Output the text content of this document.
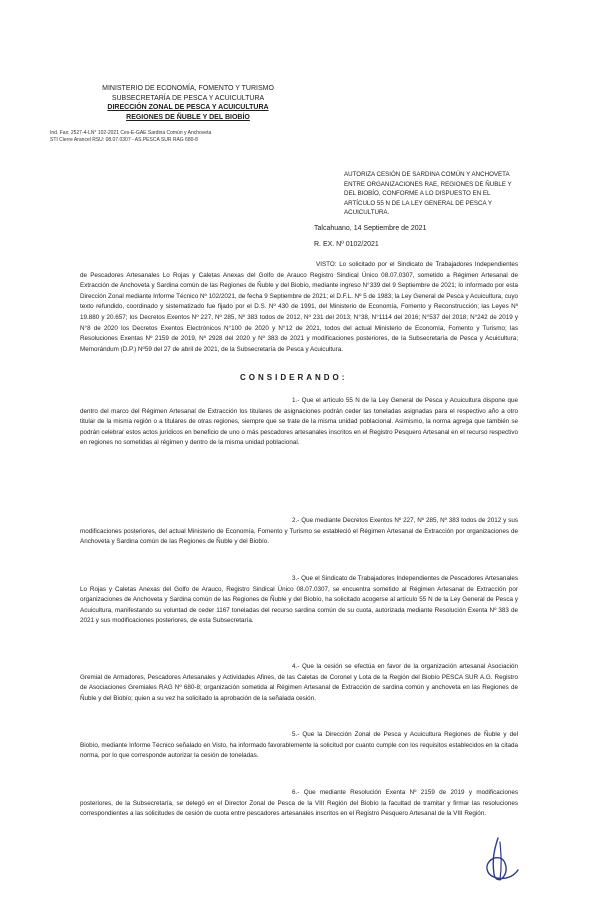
MINISTERIO DE ECONOMÍA, FOMENTO Y TURISMO
SUBSECRETARÍA DE PESCA Y ACUICULTURA
DIRECCIÓN ZONAL DE PESCA Y ACUICULTURA
REGIONES DE ÑUBLE Y DEL BIOBÍO
Ind. Fax: 2527-4-LN° 102-2021 Ces-E-GAE Sardina Común y Anchoveta
STI Cierre Arancel RSU: 08.07.0307 - AS.PESCA SUR RAG 680-8
AUTORIZA CESIÓN DE SARDINA COMÚN Y ANCHOVETA ENTRE ORGANIZACIONES RAE, REGIONES DE ÑUBLE Y DEL BIOBÍO, CONFORME A LO DISPUESTO EN EL ARTÍCULO 55 N DE LA LEY GENERAL DE PESCA Y ACUICULTURA.
Talcahuano, 14 Septiembre de 2021
R. EX. Nº 0102/2021
VISTO: Lo solicitado por el Sindicato de Trabajadores Independientes de Pescadores Artesanales Lo Rojas y Caletas Anexas del Golfo de Arauco Registro Sindical Único 08.07.0307, sometido a Régimen Artesanal de Extracción de Anchoveta y Sardina común de las Regiones de Ñuble y del Biobío, mediante ingreso N°339 del 9 Septiembre de 2021; lo informado por esta Dirección Zonal mediante Informe Técnico Nº 102/2021, de fecha 9 Septiembre de 2021; el D.F.L. Nº 5 de 1983; la Ley General de Pesca y Acuicultura, cuyo texto refundido, coordinado y sistematizado fue fijado por el D.S. Nº 430 de 1991, del Ministerio de Economía, Fomento y Reconstrucción; las Leyes Nº 19.880 y 20.657; los Decretos Exentos Nº 227, Nº 285, Nº 383 todos de 2012, Nº 231 del 2013; N°38, N°1114 del 2016; N°537 del 2018; N°242 de 2019 y N°8 de 2020 los Decretos Exentos Electrónicos N°100 de 2020 y N°12 de 2021, todos del actual Ministerio de Economía, Fomento y Turismo; las Resoluciones Exentas Nº 2159 de 2019, Nº 2928 del 2020 y Nº 383 de 2021 y modificaciones posteriores, de la Subsecretaría de Pesca y Acuicultura; Memorándum (D.P.) Nº59 del 27 de abril de 2021, de la Subsecretaría de Pesca y Acuicultura.
CONSIDERANDO:
1.- Que el artículo 55 N de la Ley General de Pesca y Acuicultura dispone que dentro del marco del Régimen Artesanal de Extracción los titulares de asignaciones podrán ceder las toneladas asignadas para el respectivo año a otro titular de la misma región o a titulares de otras regiones, siempre que se trate de la misma unidad poblacional. Asimismo, la norma agrega que también se podrán celebrar estos actos jurídicos en beneficio de uno o más pescadores artesanales inscritos en el Registro Pesquero Artesanal en el recurso respectivo en regiones no sometidas al régimen y dentro de la misma unidad poblacional.
2.- Que mediante Decretos Exentos Nº 227, Nº 285, Nº 383 todos de 2012 y sus modificaciones posteriores, del actual Ministerio de Economía, Fomento y Turismo se estableció el Régimen Artesanal de Extracción por organizaciones de Anchoveta y Sardina común de las Regiones de Ñuble y del Biobío.
3.- Que el Sindicato de Trabajadores Independientes de Pescadores Artesanales Lo Rojas y Caletas Anexas del Golfo de Arauco, Registro Sindical Único 08.07.0307, se encuentra sometido al Régimen Artesanal de Extracción por organizaciones de Anchoveta y Sardina común de las Regiones de Ñuble y del Biobío, ha solicitado acogerse al artículo 55 N de la Ley General de Pesca y Acuicultura, manifestando su voluntad de ceder 1167 toneladas del recurso sardina común de su cuota, autorizada mediante Resolución Exenta Nº 383 de 2021 y sus modificaciones posteriores, de esta Subsecretaría.
4.- Que la cesión se efectúa en favor de la organización artesanal Asociación Gremial de Armadores, Pescadores Artesanales y Actividades Afines, de las Caletas de Coronel y Lota de la Región del Biobío PESCA SUR A.G. Registro de Asociaciones Gremiales RAG Nº 680-8; organización sometida al Régimen Artesanal de Extracción de sardina común y anchoveta en las Regiones de Ñuble y del Biobío; quien a su vez ha solicitado la aprobación de la señalada cesión.
5.- Que la Dirección Zonal de Pesca y Acuicultura Regiones de Ñuble y del Biobío, mediante Informe Técnico señalado en Visto, ha informado favorablemente la solicitud por cuanto cumple con los requisitos establecidos en la citada norma, por lo que corresponde autorizar la cesión de toneladas.
6.- Que mediante Resolución Exenta Nº 2159 de 2019 y modificaciones posteriores, de la Subsecretaría, se delegó en el Director Zonal de Pesca de la VIII Región del Biobío la facultad de tramitar y firmar las resoluciones correspondientes a las solicitudes de cesión de cuota entre pescadores artesanales inscritos en el Registro Pesquero Artesanal de la VIII Región.
